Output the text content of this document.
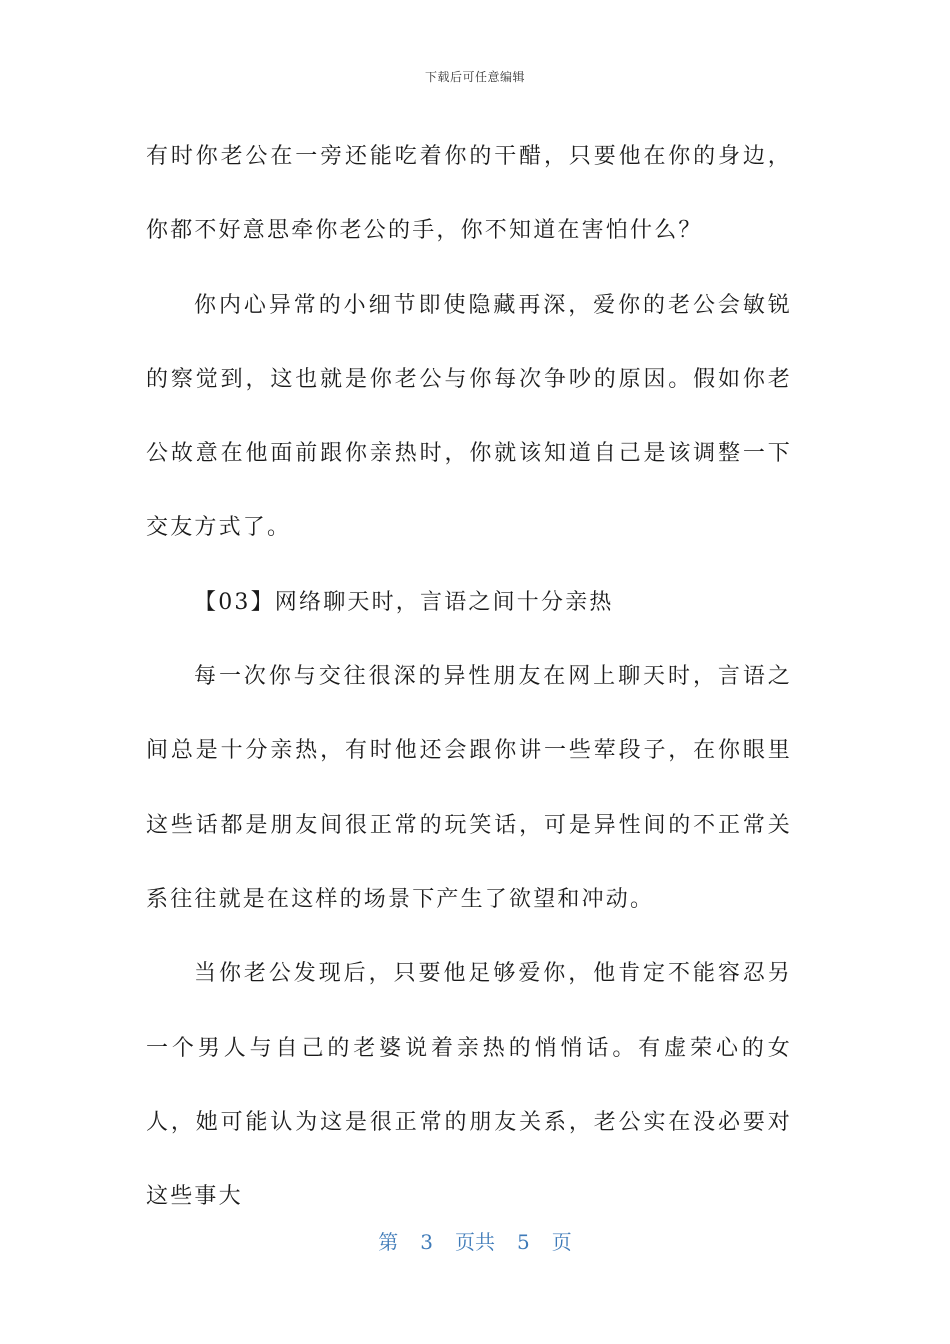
下载后可任意编辑

有时你老公在一旁还能吃着你的干醋，只要他在你的身边，你都不好意思牵你老公的手，你不知道在害怕什么？

你内心异常的小细节即使隐藏再深，爱你的老公会敏锐的察觉到，这也就是你老公与你每次争吵的原因。假如你老公故意在他面前跟你亲热时，你就该知道自己是该调整一下交友方式了。

【03】网络聊天时，言语之间十分亲热

每一次你与交往很深的异性朋友在网上聊天时，言语之间总是十分亲热，有时他还会跟你讲一些荤段子，在你眼里这些话都是朋友间很正常的玩笑话，可是异性间的不正常关系往往就是在这样的场景下产生了欲望和冲动。

当你老公发现后，只要他足够爱你，他肯定不能容忍另一个男人与自己的老婆说着亲热的悄悄话。有虚荣心的女人，她可能认为这是很正常的朋友关系，老公实在没必要对这些事大

第 3 页共 5 页
